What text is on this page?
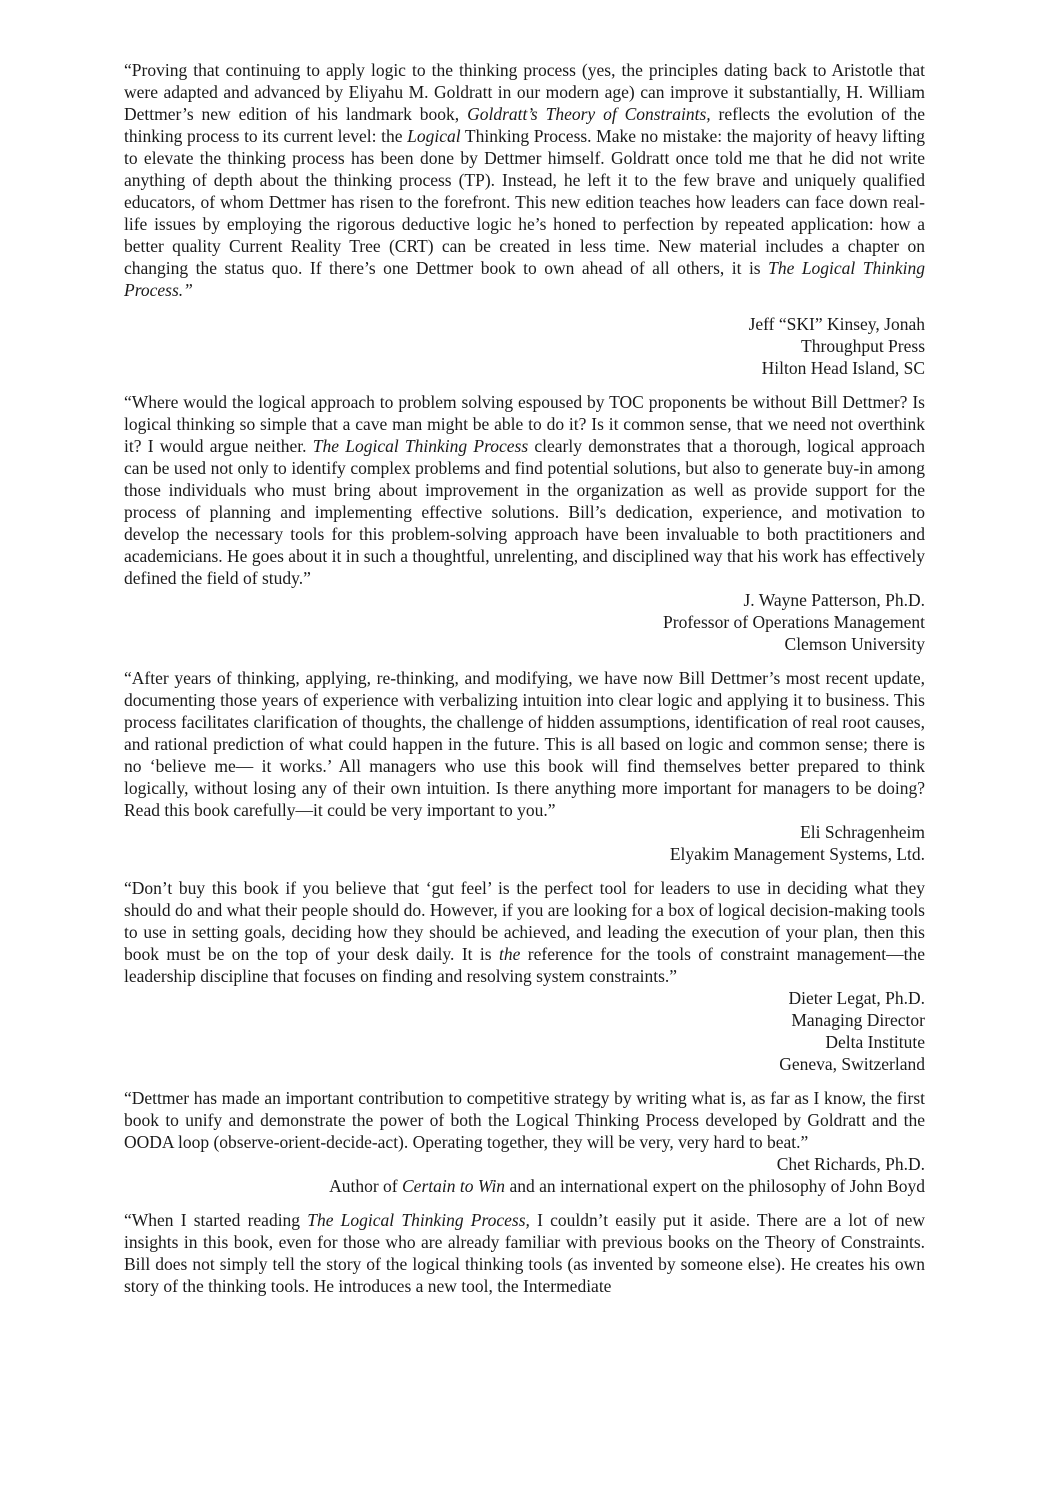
“Proving that continuing to apply logic to the thinking process (yes, the principles dating back to Aristotle that were adapted and advanced by Eliyahu M. Goldratt in our modern age) can improve it substantially, H. William Dettmer’s new edition of his landmark book, Goldratt’s Theory of Constraints, reflects the evolution of the thinking process to its current level: the Logical Thinking Process. Make no mistake: the majority of heavy lifting to elevate the thinking process has been done by Dettmer himself. Goldratt once told me that he did not write anything of depth about the thinking process (TP). Instead, he left it to the few brave and uniquely qualified educators, of whom Dettmer has risen to the forefront. This new edition teaches how leaders can face down real-life issues by employing the rigorous deductive logic he’s honed to perfection by repeated application: how a better quality Current Reality Tree (CRT) can be created in less time. New material includes a chapter on changing the status quo. If there’s one Dettmer book to own ahead of all others, it is The Logical Thinking Process.”

Jeff “SKI” Kinsey, Jonah
Throughput Press
Hilton Head Island, SC

“Where would the logical approach to problem solving espoused by TOC proponents be without Bill Dettmer? Is logical thinking so simple that a cave man might be able to do it? Is it common sense, that we need not overthink it? I would argue neither. The Logical Thinking Process clearly demonstrates that a thorough, logical approach can be used not only to identify complex problems and find potential solutions, but also to generate buy-in among those individuals who must bring about improvement in the organization as well as provide support for the process of planning and implementing effective solutions. Bill’s dedication, experience, and motivation to develop the necessary tools for this problem-solving approach have been invaluable to both practitioners and academicians. He goes about it in such a thoughtful, unrelenting, and disciplined way that his work has effectively defined the field of study.”

J. Wayne Patterson, Ph.D.
Professor of Operations Management
Clemson University

“After years of thinking, applying, re-thinking, and modifying, we have now Bill Dettmer’s most recent update, documenting those years of experience with verbalizing intuition into clear logic and applying it to business. This process facilitates clarification of thoughts, the challenge of hidden assumptions, identification of real root causes, and rational prediction of what could happen in the future. This is all based on logic and common sense; there is no ‘believe me— it works.’ All managers who use this book will find themselves better prepared to think logically, without losing any of their own intuition. Is there anything more important for managers to be doing? Read this book carefully—it could be very important to you.”

Eli Schragenheim
Elyakim Management Systems, Ltd.

“Don’t buy this book if you believe that ‘gut feel’ is the perfect tool for leaders to use in deciding what they should do and what their people should do. However, if you are looking for a box of logical decision-making tools to use in setting goals, deciding how they should be achieved, and leading the execution of your plan, then this book must be on the top of your desk daily. It is the reference for the tools of constraint management—the leadership discipline that focuses on finding and resolving system constraints.”

Dieter Legat, Ph.D.
Managing Director
Delta Institute
Geneva, Switzerland

“Dettmer has made an important contribution to competitive strategy by writing what is, as far as I know, the first book to unify and demonstrate the power of both the Logical Thinking Process developed by Goldratt and the OODA loop (observe-orient-decide-act). Operating together, they will be very, very hard to beat.”

Chet Richards, Ph.D.
Author of Certain to Win and an international expert on the philosophy of John Boyd

“When I started reading The Logical Thinking Process, I couldn’t easily put it aside. There are a lot of new insights in this book, even for those who are already familiar with previous books on the Theory of Constraints. Bill does not simply tell the story of the logical thinking tools (as invented by someone else). He creates his own story of the thinking tools. He introduces a new tool, the Intermediate
